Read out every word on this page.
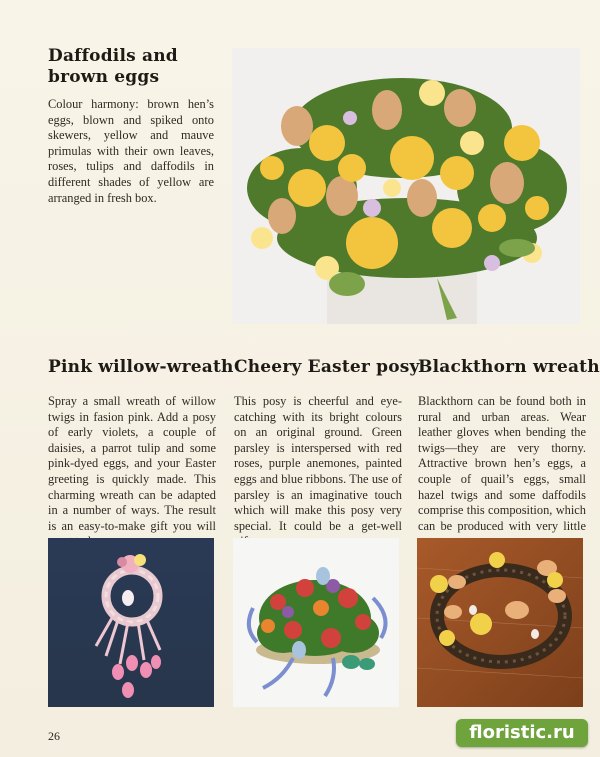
Daffodils and brown eggs

Colour harmony: brown hen’s eggs, blown and spiked onto skewers, yellow and mauve primulas with their own leaves, roses, tulips and daffodils in different shades of yellow are arranged in fresh box.

Pink willow-wreath

Spray a small wreath of willow twigs in fasion pink. Add a posy of early violets, a couple of daisies, a parrot tulip and some pink-dyed eggs, and your Easter greeting is quickly made. This charming wreath can be adapted in a number of ways. The result is an easy-to-make gift you will

Cheery Easter posy

This posy is cheerful and eye-catching with its bright colours on an original ground. Green parsley is interspersed with red roses, purple anemones, painted eggs and blue ribbons. The use of parsley is an imaginative touch which will make this posy very special. It could be a get-well

Blackthorn wreath

Blackthorn can be found both in rural and urban areas. Wear leather gloves when bending the twigs—they are very thorny. Attractive brown hen’s eggs, a couple of quail’s eggs, small hazel twigs and some daffodils comprise this composition, which can be produced with very little

26	floristic.ru
